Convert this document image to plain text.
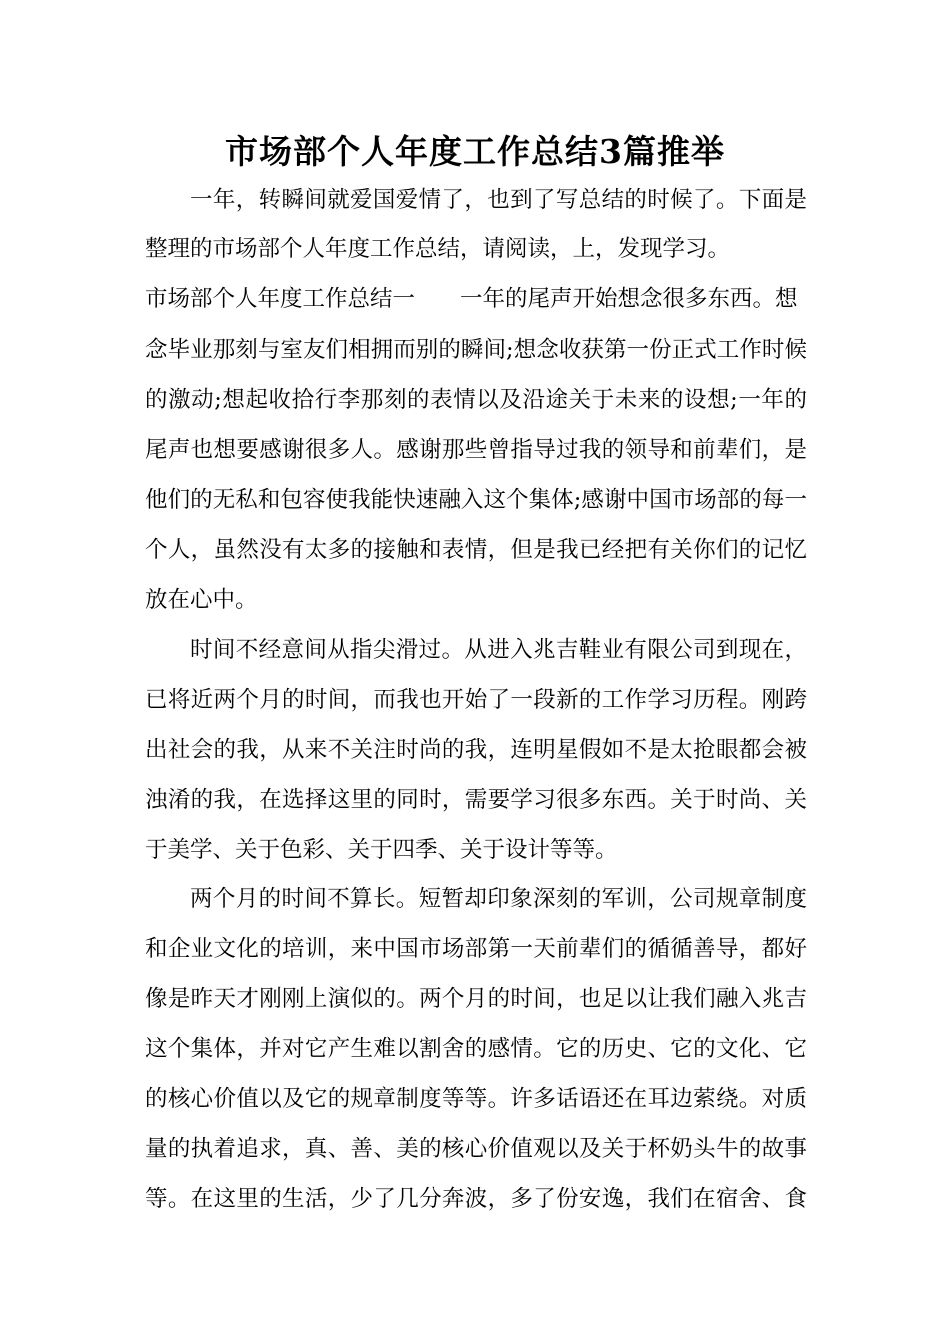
市场部个人年度工作总结3篇推举
一年，转瞬间就爱国爱情了，也到了写总结的时候了。下面是
整理的市场部个人年度工作总结，请阅读，上，发现学习。
市场部个人年度工作总结一 一年的尾声开始想念很多东西。想
念毕业那刻与室友们相拥而别的瞬间;想念收获第一份正式工作时候
的激动;想起收拾行李那刻的表情以及沿途关于未来的设想;一年的
尾声也想要感谢很多人。感谢那些曾指导过我的领导和前辈们，是
他们的无私和包容使我能快速融入这个集体;感谢中国市场部的每一
个人，虽然没有太多的接触和表情，但是我已经把有关你们的记忆
放在心中。
时间不经意间从指尖滑过。从进入兆吉鞋业有限公司到现在，
已将近两个月的时间，而我也开始了一段新的工作学习历程。刚跨
出社会的我，从来不关注时尚的我，连明星假如不是太抢眼都会被
浊淆的我，在选择这里的同时，需要学习很多东西。关于时尚、关
于美学、关于色彩、关于四季、关于设计等等。
两个月的时间不算长。短暂却印象深刻的军训，公司规章制度
和企业文化的培训，来中国市场部第一天前辈们的循循善导，都好
像是昨天才刚刚上演似的。两个月的时间，也足以让我们融入兆吉
这个集体，并对它产生难以割舍的感情。它的历史、它的文化、它
的核心价值以及它的规章制度等等。许多话语还在耳边萦绕。对质
量的执着追求，真、善、美的核心价值观以及关于杯奶头牛的故事
等。在这里的生活，少了几分奔波，多了份安逸，我们在宿舍、食
